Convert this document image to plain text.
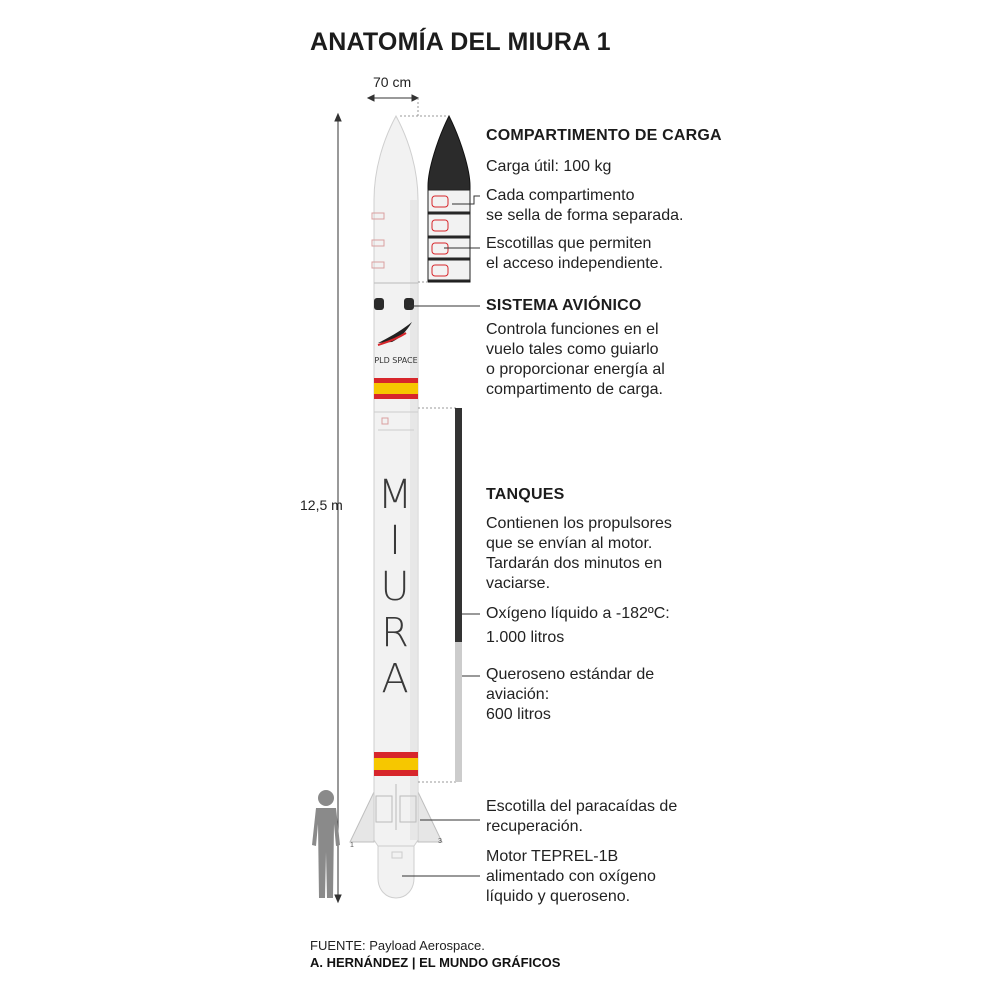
ANATOMÍA DEL MIURA 1
PLD SPACE
M
I
U
R
A
1
3
70 cm
12,5 m
COMPARTIMENTO DE CARGA
Carga útil: 100 kg
Cada compartimento
se sella de forma separada.
Escotillas que permiten
el acceso independiente.
SISTEMA AVIÓNICO
Controla funciones en el
vuelo tales como guiarlo
o proporcionar energía al
compartimento de carga.
TANQUES
Contienen los propulsores
que se envían al motor.
Tardarán dos minutos en
vaciarse.
Oxígeno líquido a -182ºC:
1.000 litros
Queroseno estándar de
aviación:
600 litros
Escotilla del paracaídas de
recuperación.
Motor TEPREL-1B
alimentado con oxígeno
líquido y queroseno.
FUENTE: Payload Aerospace.
A. HERNÁNDEZ | EL MUNDO GRÁFICOS
